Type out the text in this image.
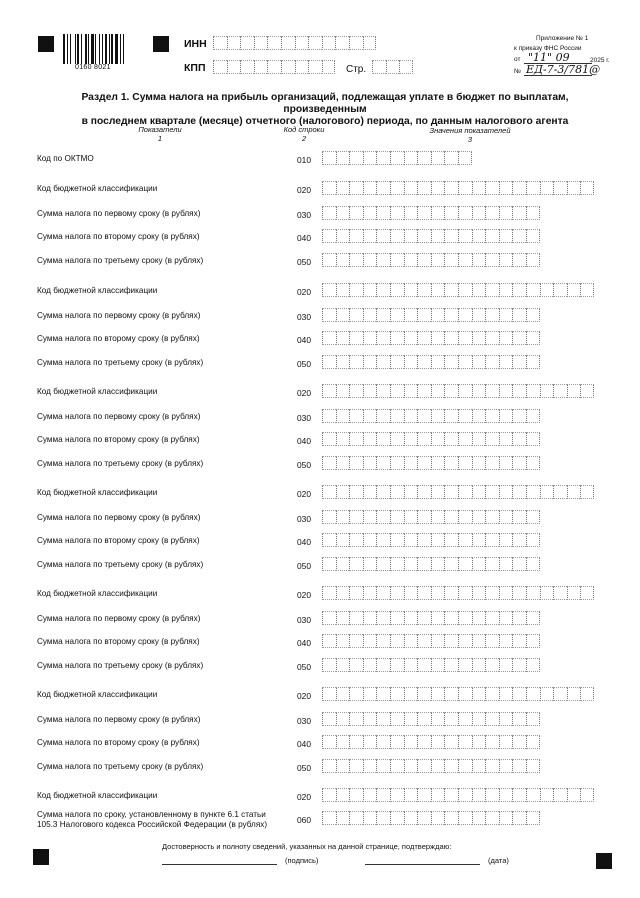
0160 8021
ИНН
КПП	Стр.
Приложение № 1
к приказу ФНС России
от "11" 09	2025 г.
№ ЕД-7-3/781@
Раздел 1. Сумма налога на прибыль организаций, подлежащая уплате в бюджет по выплатам, произведенным
в последнем квартале (месяце) отчетного (налогового) периода, по данным налогового агента
Показатели
1
Код строки
2
Значения показателей
3
Код по ОКТМО	010
Код бюджетной классификации	020
Сумма налога по первому сроку (в рублях)	030
Сумма налога по второму сроку (в рублях)	040
Сумма налога по третьему сроку (в рублях)	050
Код бюджетной классификации	020
Сумма налога по первому сроку (в рублях)	030
Сумма налога по второму сроку (в рублях)	040
Сумма налога по третьему сроку (в рублях)	050
Код бюджетной классификации	020
Сумма налога по первому сроку (в рублях)	030
Сумма налога по второму сроку (в рублях)	040
Сумма налога по третьему сроку (в рублях)	050
Код бюджетной классификации	020
Сумма налога по первому сроку (в рублях)	030
Сумма налога по второму сроку (в рублях)	040
Сумма налога по третьему сроку (в рублях)	050
Код бюджетной классификации	020
Сумма налога по первому сроку (в рублях)	030
Сумма налога по второму сроку (в рублях)	040
Сумма налога по третьему сроку (в рублях)	050
Код бюджетной классификации	020
Сумма налога по первому сроку (в рублях)	030
Сумма налога по второму сроку (в рублях)	040
Сумма налога по третьему сроку (в рублях)	050
Код бюджетной классификации	020
Сумма налога по сроку, установленному в пункте 6.1 статьи 105.3 Налогового кодекса Российской Федерации (в рублях)	060
Достоверность и полноту сведений, указанных на данной странице, подтверждаю:
(подпись)	(дата)
